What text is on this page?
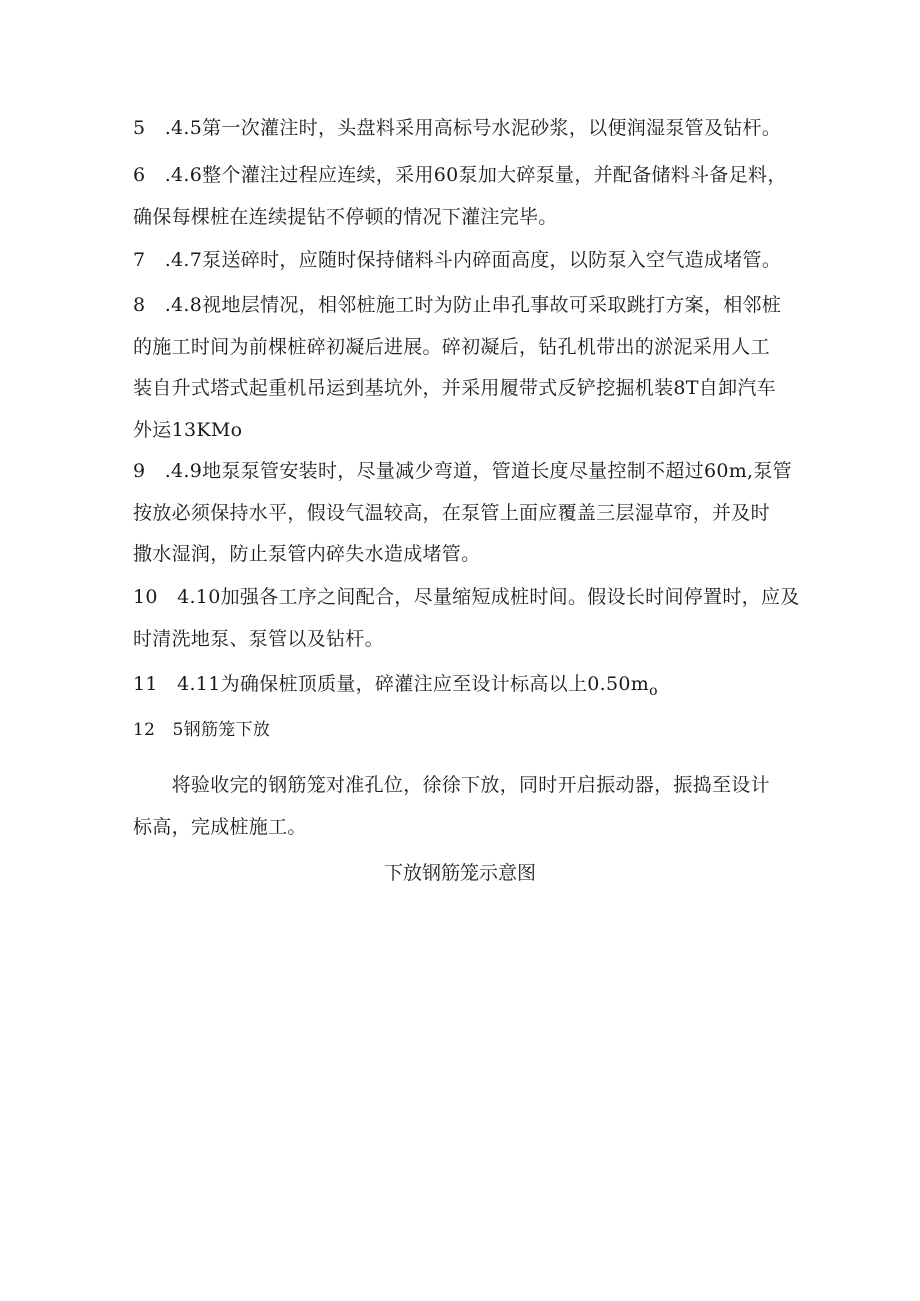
5　.4.5第一次灌注时，头盘料采用高标号水泥砂浆，以便润湿泵管及钻杆。
6　.4.6整个灌注过程应连续，采用60泵加大碎泵量，并配备储料斗备足料，
确保每棵桩在连续提钻不停顿的情况下灌注完毕。
7　.4.7泵送碎时，应随时保持储料斗内碎面高度，以防泵入空气造成堵管。
8　.4.8视地层情况，相邻桩施工时为防止串孔事故可采取跳打方案，相邻桩
的施工时间为前棵桩碎初凝后进展。碎初凝后，钻孔机带出的淤泥采用人工
装自升式塔式起重机吊运到基坑外，并采用履带式反铲挖掘机装8T自卸汽车
外运13KMo
9　.4.9地泵泵管安装时，尽量减少弯道，管道长度尽量控制不超过60m,泵管
按放必须保持水平，假设气温较高，在泵管上面应覆盖三层湿草帘，并及时
撒水湿润，防止泵管内碎失水造成堵管。
10　4.10加强各工序之间配合，尽量缩短成桩时间。假设长时间停置时，应及
时清洗地泵、泵管以及钻杆。
11　4.11为确保桩顶质量，碎灌注应至设计标高以上$0.50m_o$
12　5钢筋笼下放
　　将验收完的钢筋笼对准孔位，徐徐下放，同时开启振动器，振捣至设计
标高，完成桩施工。
下放钢筋笼示意图
